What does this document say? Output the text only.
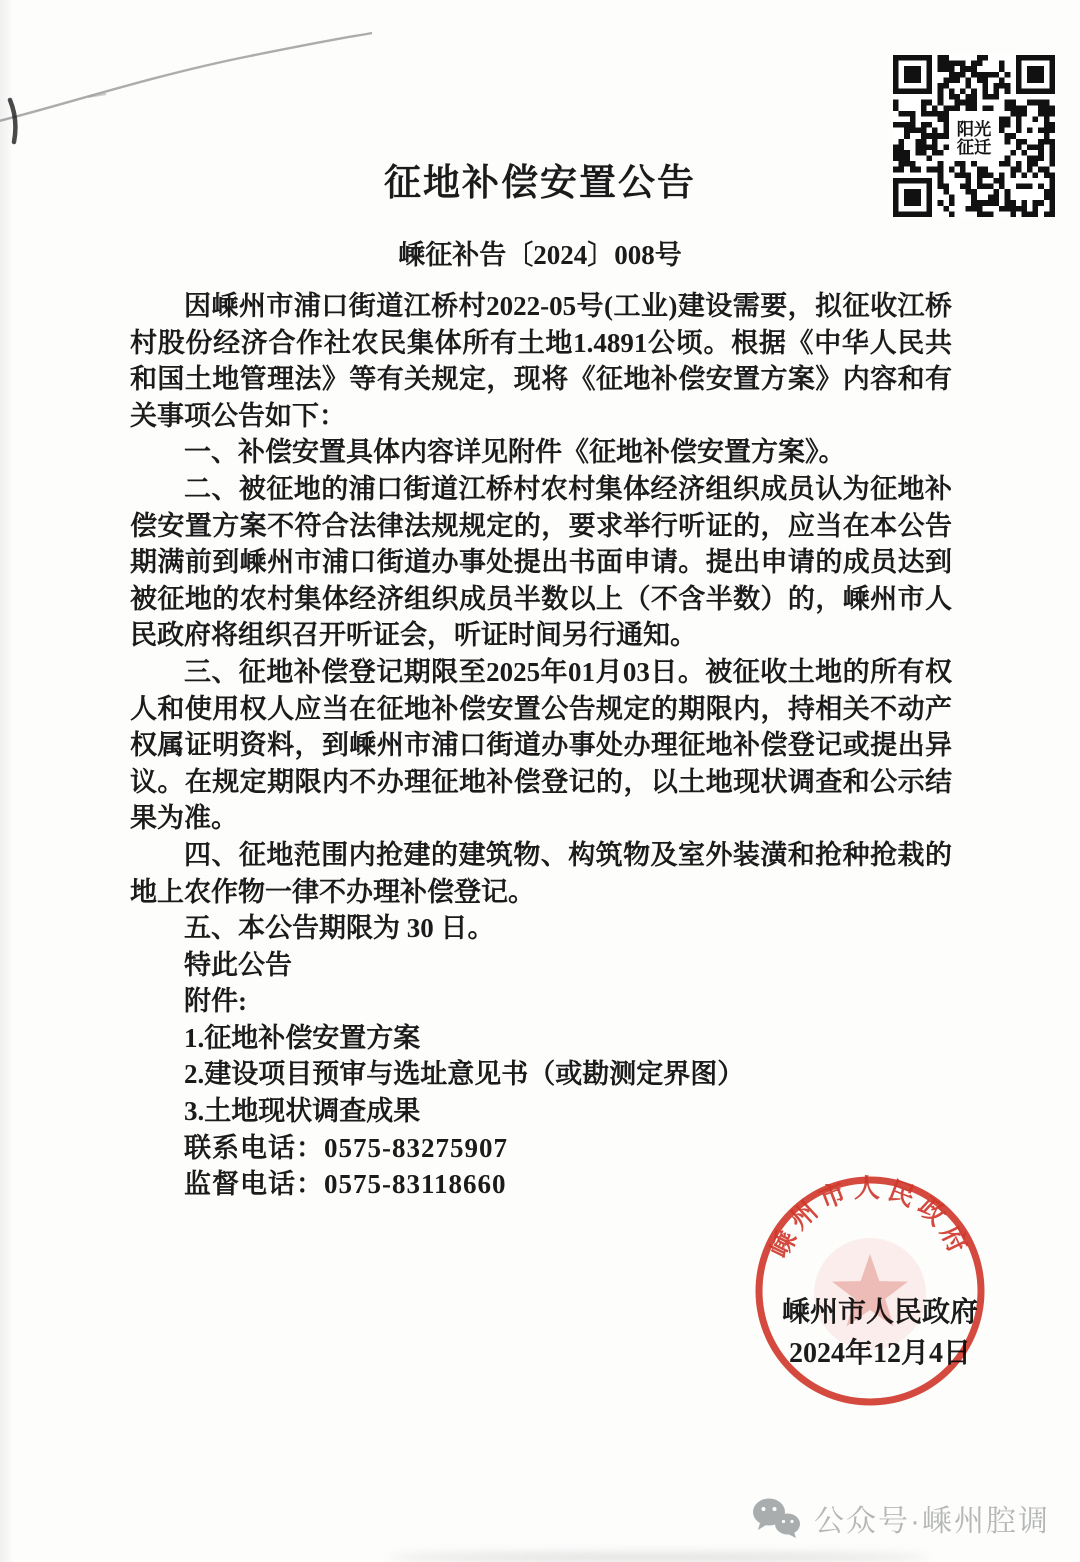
阳光
征迁
征地补偿安置公告
嵊征补告〔2024〕008号

因嵊州市浦口街道江桥村2022-05号(工业)建设需要，拟征收江桥村股份经济合作社农民集体所有土地1.4891公顷。根据《中华人民共和国土地管理法》等有关规定，现将《征地补偿安置方案》内容和有关事项公告如下：

一、补偿安置具体内容详见附件《征地补偿安置方案》。

二、被征地的浦口街道江桥村农村集体经济组织成员认为征地补偿安置方案不符合法律法规规定的，要求举行听证的，应当在本公告期满前到嵊州市浦口街道办事处提出书面申请。提出申请的成员达到被征地的农村集体经济组织成员半数以上（不含半数）的，嵊州市人民政府将组织召开听证会，听证时间另行通知。

三、征地补偿登记期限至2025年01月03日。被征收土地的所有权人和使用权人应当在征地补偿安置公告规定的期限内，持相关不动产权属证明资料，到嵊州市浦口街道办事处办理征地补偿登记或提出异议。在规定期限内不办理征地补偿登记的，以土地现状调查和公示结果为准。

四、征地范围内抢建的建筑物、构筑物及室外装潢和抢种抢栽的地上农作物一律不办理补偿登记。

五、本公告期限为 30 日。

特此公告

附件:

1.征地补偿安置方案

2.建设项目预审与选址意见书（或勘测定界图）

3.土地现状调查成果

联系电话：0575-83275907

监督电话：0575-83118660

嵊州市人民政府
2024年12月4日
嵊州市人民政府
公众号·嵊州腔调
